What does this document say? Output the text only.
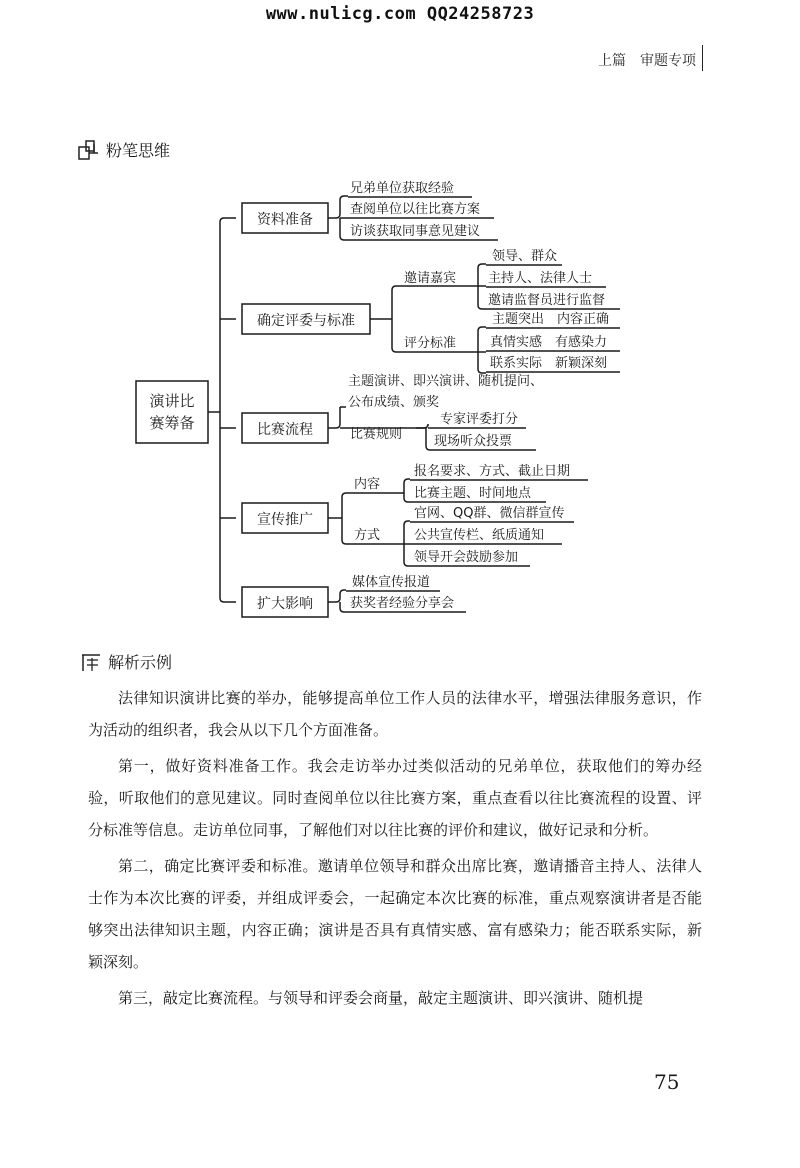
www.nulicg.com QQ24258723
上篇 审题专项
粉笔思维
演讲比
赛筹备
资料准备
确定评委与标准
比赛流程
宣传推广
扩大影响
兄弟单位获取经验
查阅单位以往比赛方案
访谈获取同事意见建议
邀请嘉宾
领导、群众
主持人、法律人士
邀请监督员进行监督
评分标准
主题突出　内容正确
真情实感　有感染力
联系实际　新颖深刻
主题演讲、即兴演讲、随机提问、
公布成绩、颁奖
比赛规则
专家评委打分
现场听众投票
内容
报名要求、方式、截止日期
比赛主题、时间地点
方式
官网、QQ群、微信群宣传
公共宣传栏、纸质通知
领导开会鼓励参加
媒体宣传报道
获奖者经验分享会
解析示例

法律知识演讲比赛的举办，能够提高单位工作人员的法律水平，增强法律服务意识，作为活动的组织者，我会从以下几个方面准备。

第一，做好资料准备工作。我会走访举办过类似活动的兄弟单位，获取他们的筹办经验，听取他们的意见建议。同时查阅单位以往比赛方案，重点查看以往比赛流程的设置、评分标准等信息。走访单位同事，了解他们对以往比赛的评价和建议，做好记录和分析。

第二，确定比赛评委和标准。邀请单位领导和群众出席比赛，邀请播音主持人、法律人士作为本次比赛的评委，并组成评委会，一起确定本次比赛的标准，重点观察演讲者是否能够突出法律知识主题，内容正确；演讲是否具有真情实感、富有感染力；能否联系实际，新颖深刻。

第三，敲定比赛流程。与领导和评委会商量，敲定主题演讲、即兴演讲、随机提

75
